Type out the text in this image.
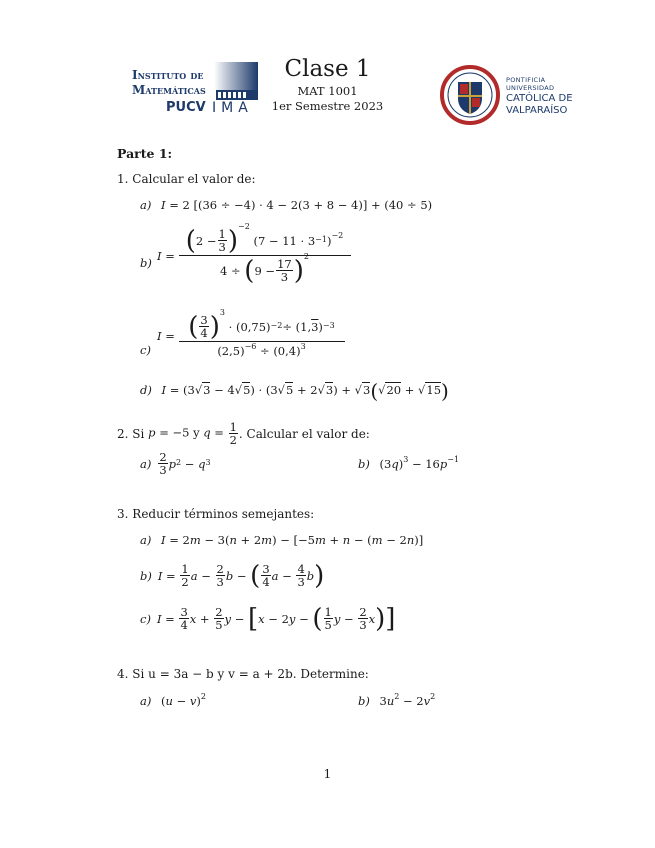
Instituto de
Matemáticas
PUCV IMA
Clase 1
MAT 1001
1er Semestre 2023
PONTIFICIA
UNIVERSIDAD
CATÓLICA DE
VALPARAÍSO
Parte 1:
1. Calcular el valor de:
a) I = 2 [(36 ÷ −4) · 4 − 2(3 + 8 − 4)] + (40 ÷ 5)
b)
I = ( $2 - \frac{1}{3} )^{-2}$
($7 - 11 \cdot 3^{-1}$ )$^{-2}$
4 ÷ ( $9 - \frac{17}{3} )^2$
c)
I = ( $\frac{3}{4} )^3$
· $(0,75)^{-2} \div (1$, 3 )$^{-3}$
$(2,5)^{-6} \div (0,4)^3$
d) I = (3√3 − 4√5) · (3√5 + 2√3) + √3(√20 + √15)
2.
Si
p = −5 y $q = \frac{1}{2}$ . Calcular el valor de:
$a) \frac{2}{3} p^2 - q^3$	b) $(3q)^3 - 16p^{-1}$
3. Reducir términos semejantes:
a) I = 2m − 3(n + 2m) − [−5m + n − (m − 2n)]
b) $I = \frac{1}{2}$ $a - \frac{2}{3}$ b − ( $\frac{3}{4}$ $a - \frac{4}{3}$ b )
c) $I = \frac{3}{4}$ $x + \frac{2}{5}$ y − [ x − 2 y − ( $\frac{1}{5}$ $y - \frac{2}{3}$ x ) ]
4. Si u = 3a − b y v = a + 2b. Determine:
a) $(u - v)^2$	b) $3u^2 - 2v^2$
1
